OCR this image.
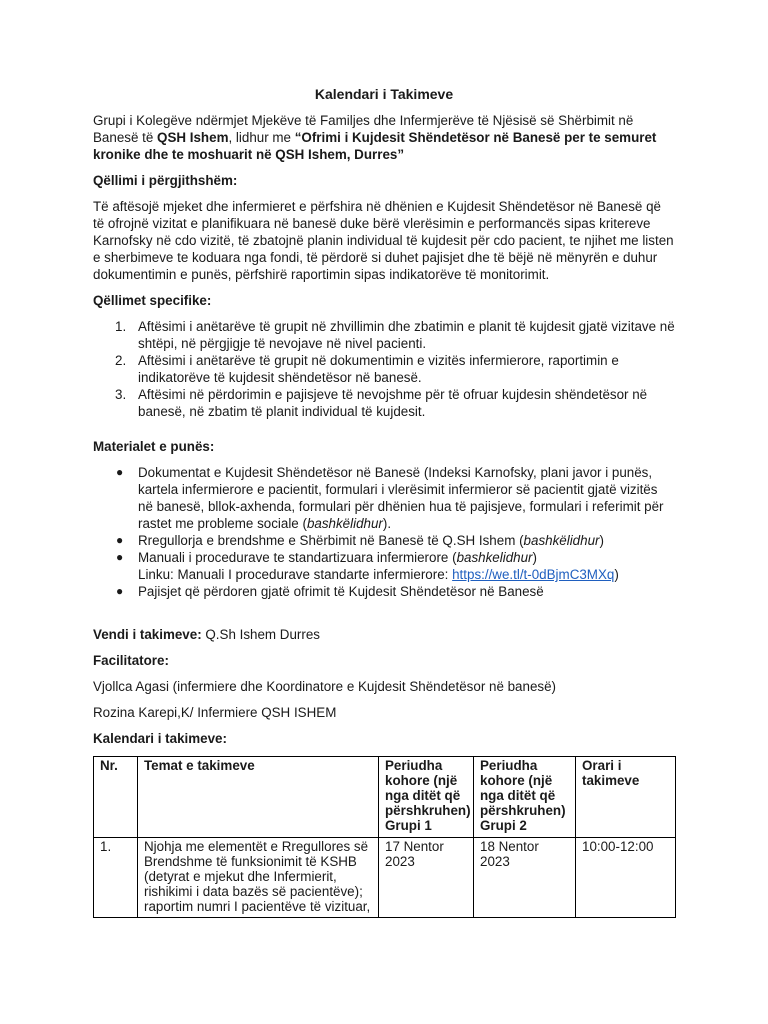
Kalendari i Takimeve

Grupi i Kolegëve ndërmjet Mjekëve të Familjes dhe Infermjerëve të Njësisë së Shërbimit në Banesë të QSH Ishem, lidhur me “Ofrimi i Kujdesit Shëndetësor në Banesë per te semuret kronike dhe te moshuarit në QSH Ishem, Durres”

Qëllimi i përgjithshëm:

Të aftësojë mjeket dhe infermieret e përfshira në dhënien e Kujdesit Shëndetësor në Banesë që të ofrojnë vizitat e planifikuara në banesë duke bërë vlerësimin e performancës sipas kritereve Karnofsky në cdo vizitë, të zbatojnë planin individual të kujdesit për cdo pacient, te njihet me listen e sherbimeve te koduara nga fondi, të përdorë si duhet pajisjet dhe të bëjë në mënyrën e duhur dokumentimin e punës, përfshirë raportimin sipas indikatorëve të monitorimit.

Qëllimet specifike:

1. Aftësimi i anëtarëve të grupit në zhvillimin dhe zbatimin e planit të kujdesit gjatë vizitave në shtëpi, në përgjigje të nevojave në nivel pacienti.
2. Aftësimi i anëtarëve të grupit në dokumentimin e vizitës infermierore, raportimin e indikatorëve të kujdesit shëndetësor në banesë.
3. Aftësimi në përdorimin e pajisjeve të nevojshme për të ofruar kujdesin shëndetësor në banesë, në zbatim të planit individual të kujdesit.

Materialet e punës:

● Dokumentat e Kujdesit Shëndetësor në Banesë (Indeksi Karnofsky, plani javor i punës, kartela infermierore e pacientit, formulari i vlerësimit infermieror së pacientit gjatë vizitës në banesë, bllok-axhenda, formulari për dhënien hua të pajisjeve, formulari i referimit për rastet me probleme sociale (bashkëlidhur).
● Rregullorja e brendshme e Shërbimit në Banesë të Q.SH Ishem (bashkëlidhur)
● Manuali i procedurave te standartizuara infermierore (bashkelidhur)
Linku: Manuali I procedurave standarte infermierore: https://we.tl/t-0dBjmC3MXq)
● Pajisjet që përdoren gjatë ofrimit të Kujdesit Shëndetësor në Banesë

Vendi i takimeve: Q.Sh Ishem Durres

Facilitatore:

Vjollca Agasi (infermiere dhe Koordinatore e Kujdesit Shëndetësor në banesë)

Rozina Karepi,K/ Infermiere QSH ISHEM

Kalendari i takimeve:

Nr.	Temat e takimeve	Periudha kohore (një nga ditët që përshkruhen) Grupi 1	Periudha kohore (një nga ditët që përshkruhen) Grupi 2	Orari i takimeve
1.	Njohja me elementët e Rregullores së Brendshme të funksionimit të KSHB (detyrat e mjekut dhe Infermierit, rishikimi i data bazës së pacientëve); raportim numri I pacientëve të vizituar,	17 Nentor 2023	18 Nentor 2023	10:00-12:00
